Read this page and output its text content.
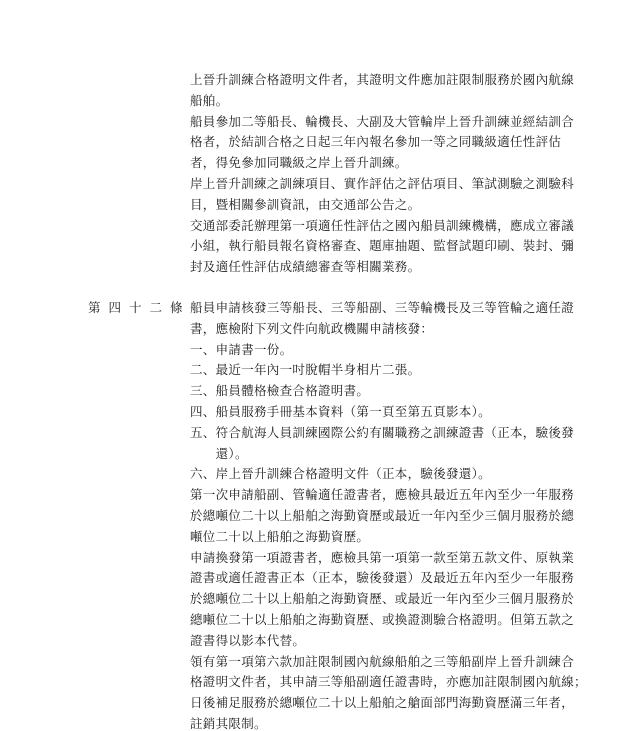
上晉升訓練合格證明文件者，其證明文件應加註限制服務於國內航線
船舶。
船員參加二等船長、輪機長、大副及大管輪岸上晉升訓練並經結訓合
格者，於結訓合格之日起三年內報名參加一等之同職級適任性評估
者，得免參加同職級之岸上晉升訓練。
岸上晉升訓練之訓練項目、實作評估之評估項目、筆試測驗之測驗科
目，暨相關參訓資訊，由交通部公告之。
交通部委託辦理第一項適任性評估之國內船員訓練機構，應成立審議
小組，執行船員報名資格審查、題庫抽題、監督試題印刷、裝封、彌
封及適任性評估成績總審查等相關業務。
第四十二條 船員申請核發三等船長、三等船副、三等輪機長及三等管輪之適任證
書，應檢附下列文件向航政機關申請核發：
一、申請書一份。
二、最近一年內一吋脫帽半身相片二張。
三、船員體格檢查合格證明書。
四、船員服務手冊基本資料（第一頁至第五頁影本）。
五、符合航海人員訓練國際公約有關職務之訓練證書（正本，驗後發
　　還）。
六、岸上晉升訓練合格證明文件（正本，驗後發還）。
第一次申請船副、管輪適任證書者，應檢具最近五年內至少一年服務
於總噸位二十以上船舶之海勤資歷或最近一年內至少三個月服務於總
噸位二十以上船舶之海勤資歷。
申請換發第一項證書者，應檢具第一項第一款至第五款文件、原執業
證書或適任證書正本（正本，驗後發還）及最近五年內至少一年服務
於總噸位二十以上船舶之海勤資歷、或最近一年內至少三個月服務於
總噸位二十以上船舶之海勤資歷、或換證測驗合格證明。但第五款之
證書得以影本代替。
領有第一項第六款加註限制國內航線船舶之三等船副岸上晉升訓練合
格證明文件者，其申請三等船副適任證書時，亦應加註限制國內航線；
日後補足服務於總噸位二十以上船舶之艙面部門海勤資歷滿三年者，
註銷其限制。
